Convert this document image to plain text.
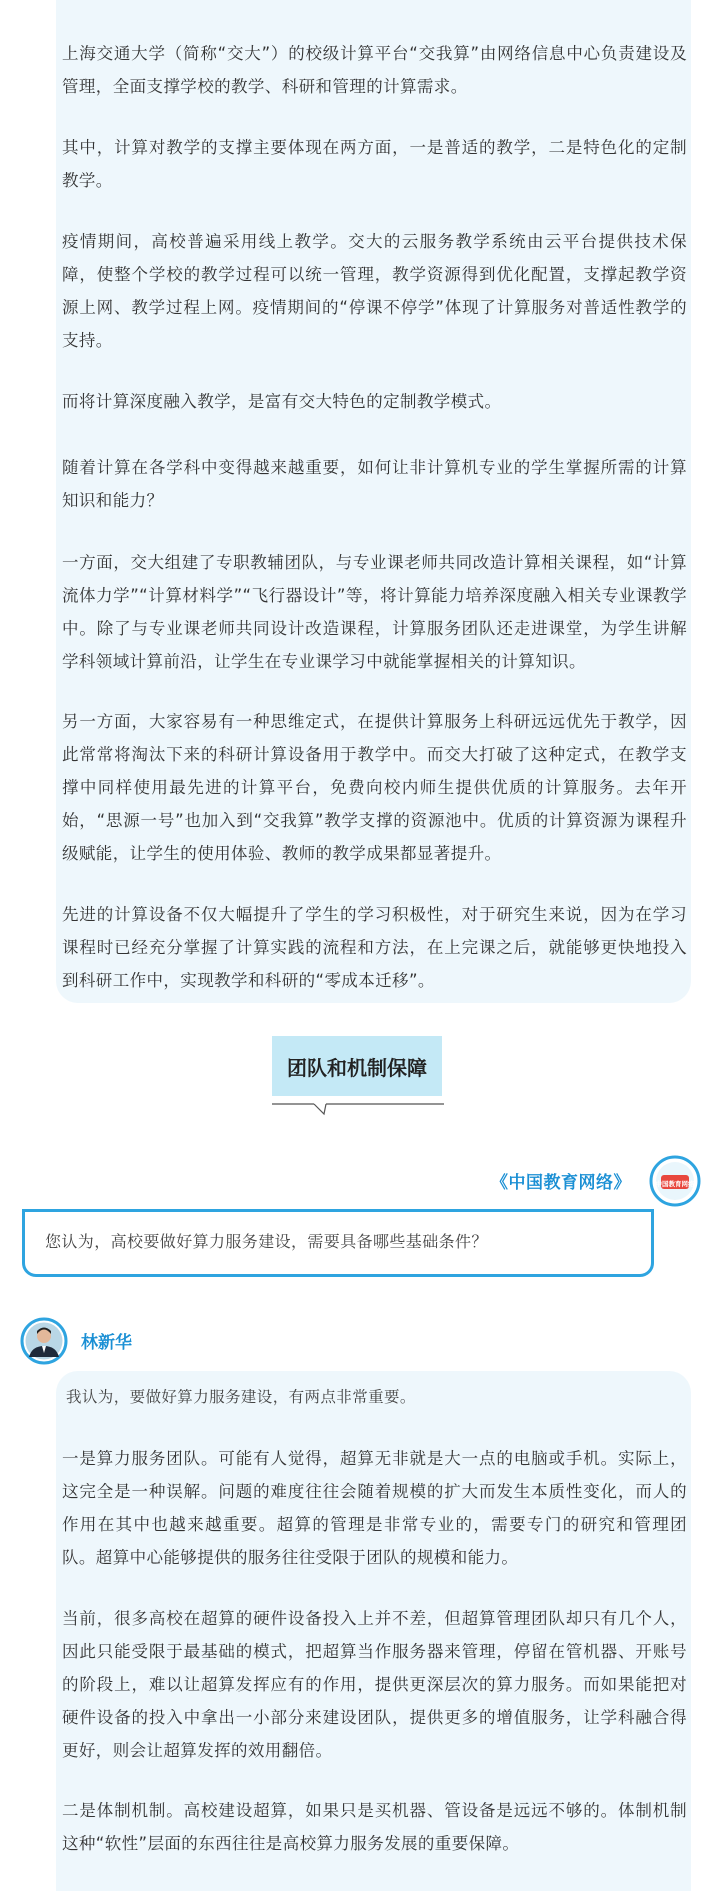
上海交通大学（简称“交大”）的校级计算平台“交我算”由网络信息中心负责建设及管理，全面支撑学校的教学、科研和管理的计算需求。

其中，计算对教学的支撑主要体现在两方面，一是普适的教学，二是特色化的定制教学。

疫情期间，高校普遍采用线上教学。交大的云服务教学系统由云平台提供技术保障，使整个学校的教学过程可以统一管理，教学资源得到优化配置，支撑起教学资源上网、教学过程上网。疫情期间的“停课不停学”体现了计算服务对普适性教学的支持。

而将计算深度融入教学，是富有交大特色的定制教学模式。

随着计算在各学科中变得越来越重要，如何让非计算机专业的学生掌握所需的计算知识和能力？

一方面，交大组建了专职教辅团队，与专业课老师共同改造计算相关课程，如“计算流体力学”“计算材料学”“飞行器设计”等，将计算能力培养深度融入相关专业课教学中。除了与专业课老师共同设计改造课程，计算服务团队还走进课堂，为学生讲解学科领域计算前沿，让学生在专业课学习中就能掌握相关的计算知识。

另一方面，大家容易有一种思维定式，在提供计算服务上科研远远优先于教学，因此常常将淘汰下来的科研计算设备用于教学中。而交大打破了这种定式，在教学支撑中同样使用最先进的计算平台，免费向校内师生提供优质的计算服务。去年开始，“思源一号”也加入到“交我算”教学支撑的资源池中。优质的计算资源为课程升级赋能，让学生的使用体验、教师的教学成果都显著提升。

先进的计算设备不仅大幅提升了学生的学习积极性，对于研究生来说，因为在学习课程时已经充分掌握了计算实践的流程和方法，在上完课之后，就能够更快地投入到科研工作中，实现教学和科研的“零成本迁移”。

团队和机制保障
《中国教育网络》	中国教育网络
您认为，高校要做好算力服务建设，需要具备哪些基础条件？
林新华
我认为，要做好算力服务建设，有两点非常重要。

一是算力服务团队。可能有人觉得，超算无非就是大一点的电脑或手机。实际上，这完全是一种误解。问题的难度往往会随着规模的扩大而发生本质性变化，而人的作用在其中也越来越重要。超算的管理是非常专业的，需要专门的研究和管理团队。超算中心能够提供的服务往往受限于团队的规模和能力。

当前，很多高校在超算的硬件设备投入上并不差，但超算管理团队却只有几个人，因此只能受限于最基础的模式，把超算当作服务器来管理，停留在管机器、开账号的阶段上，难以让超算发挥应有的作用，提供更深层次的算力服务。而如果能把对硬件设备的投入中拿出一小部分来建设团队，提供更多的增值服务，让学科融合得更好，则会让超算发挥的效用翻倍。

二是体制机制。高校建设超算，如果只是买机器、管设备是远远不够的。体制机制这种“软性”层面的东西往往是高校算力服务发展的重要保障。
